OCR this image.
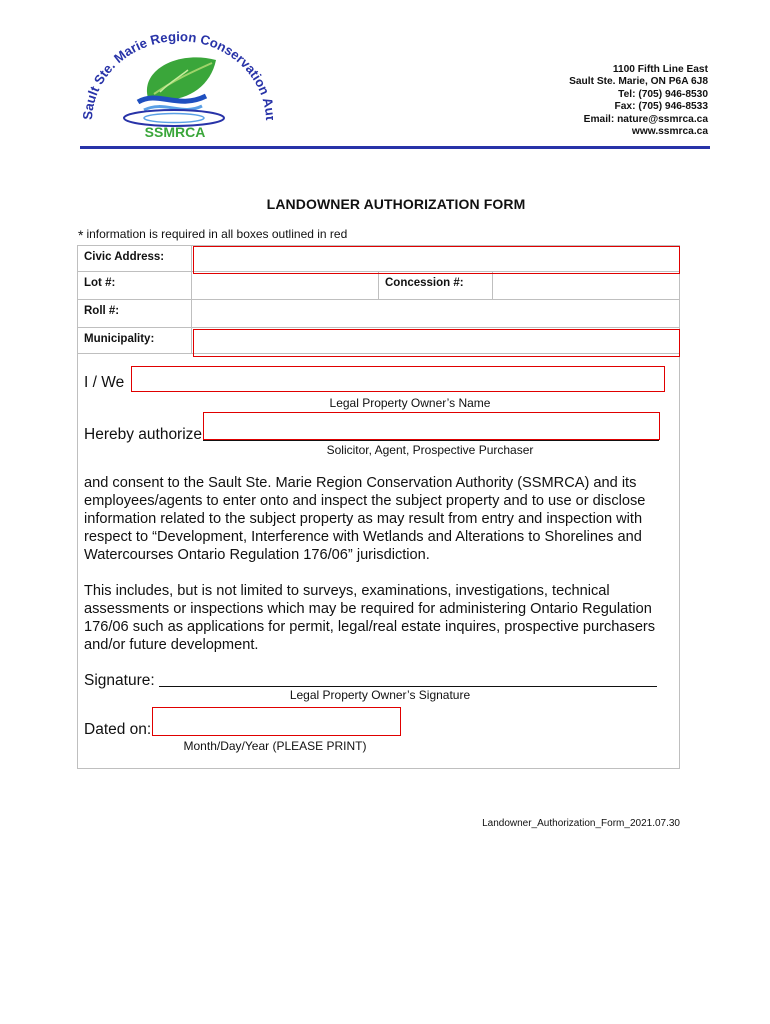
Sault Ste. Marie Region Conservation
SSMRCA
1100 Fifth Line East
Sault Ste. Marie, ON P6A 6J8
Tel: (705) 946-8530
Fax: (705) 946-8533
Email: nature@ssmrca.ca
www.ssmrca.ca
LANDOWNER AUTHORIZATION FORM
* information is required in all boxes outlined in red
Civic Address:
Lot #:	Concession #:
Roll #:
Municipality:
I / We
Legal Property Owner’s Name
Hereby authorize
Solicitor, Agent, Prospective Purchaser
and consent to the Sault Ste. Marie Region Conservation Authority (SSMRCA) and its employees/agents to enter onto and inspect the subject property and to use or disclose information related to the subject property as may result from entry and inspection with respect to “Development, Interference with Wetlands and Alterations to Shorelines and Watercourses Ontario Regulation 176/06” jurisdiction.
This includes, but is not limited to surveys, examinations, investigations, technical assessments or inspections which may be required for administering Ontario Regulation 176/06 such as applications for permit, legal/real estate inquires, prospective purchasers and/or future development.
Signature:
Legal Property Owner’s Signature
Dated on:
Month/Day/Year (PLEASE PRINT)
Landowner_Authorization_Form_2021.07.30
